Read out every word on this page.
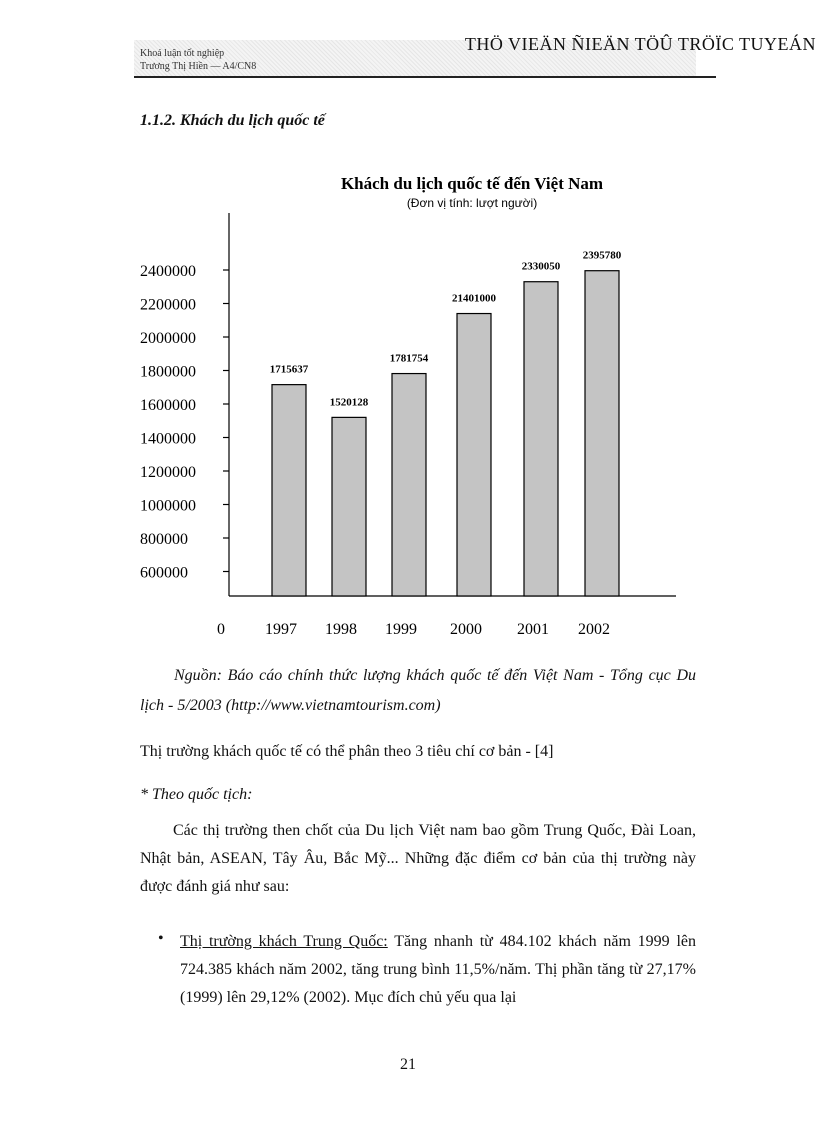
Khoá luận tốt nghiệp
Trương Thị Hiền — A4/CN8
THÖ VIEÄN ÑIEÄN TÖÛ TRÖÏC TUYEÁN
1.1.2. Khách du lịch quốc tế
Khách du lịch quốc tế đến Việt Nam
(Đơn vị tính: lượt người)
2400000
2200000
2000000
1800000
1600000
1400000
1200000
1000000
800000
600000
1715637
1997
1520128
1998
1781754
1999
21401000
2000
2330050
2001
2395780
2002
0
Nguồn: Báo cáo chính thức lượng khách quốc tế đến Việt Nam - Tổng cục Du lịch - 5/2003 (http://www.vietnamtourism.com)
Thị trường khách quốc tế có thể phân theo 3 tiêu chí cơ bản - [4]
* Theo quốc tịch:
Các thị trường then chốt của Du lịch Việt nam bao gồm Trung Quốc, Đài Loan, Nhật bản, ASEAN, Tây Âu, Bắc Mỹ... Những đặc điểm cơ bản của thị trường này được đánh giá như sau:
• Thị trường khách Trung Quốc: Tăng nhanh từ 484.102 khách năm 1999 lên 724.385 khách năm 2002, tăng trung bình 11,5%/năm. Thị phần tăng từ 27,17% (1999) lên 29,12% (2002). Mục đích chủ yếu qua lại
21
